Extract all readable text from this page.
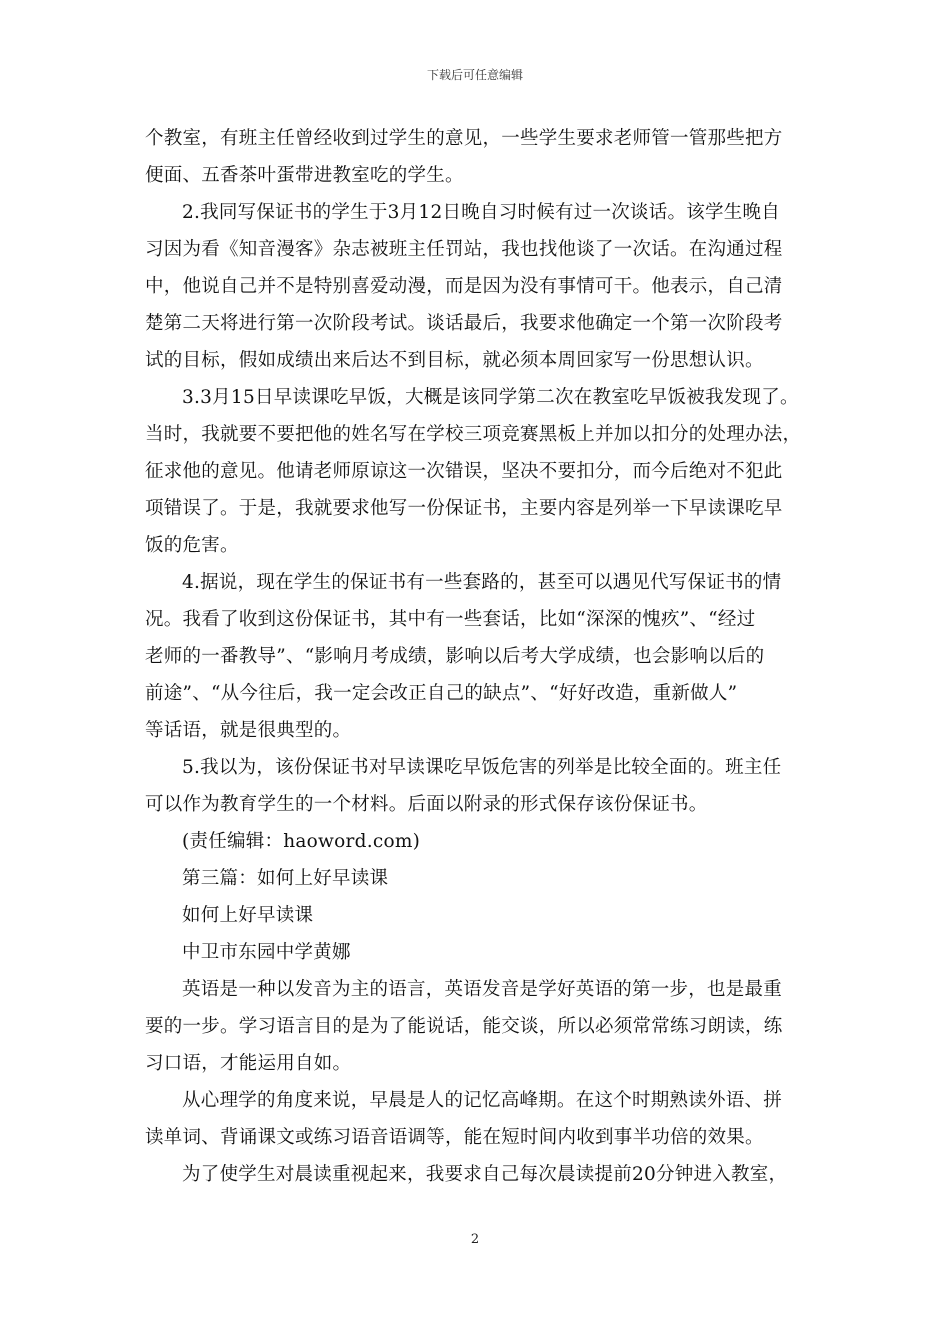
下载后可任意编辑
个教室，有班主任曾经收到过学生的意见，一些学生要求老师管一管那些把方
便面、五香茶叶蛋带进教室吃的学生。
2.我同写保证书的学生于3月12日晚自习时候有过一次谈话。该学生晚自
习因为看《知音漫客》杂志被班主任罚站，我也找他谈了一次话。在沟通过程
中，他说自己并不是特别喜爱动漫，而是因为没有事情可干。他表示，自己清
楚第二天将进行第一次阶段考试。谈话最后，我要求他确定一个第一次阶段考
试的目标，假如成绩出来后达不到目标，就必须本周回家写一份思想认识。
3.3月15日早读课吃早饭，大概是该同学第二次在教室吃早饭被我发现了。
当时，我就要不要把他的姓名写在学校三项竞赛黑板上并加以扣分的处理办法，
征求他的意见。他请老师原谅这一次错误，坚决不要扣分，而今后绝对不犯此
项错误了。于是，我就要求他写一份保证书，主要内容是列举一下早读课吃早
饭的危害。
4.据说，现在学生的保证书有一些套路的，甚至可以遇见代写保证书的情
况。我看了收到这份保证书，其中有一些套话，比如“深深的愧疚”、“经过
老师的一番教导”、“影响月考成绩，影响以后考大学成绩，也会影响以后的
前途”、“从今往后，我一定会改正自己的缺点”、“好好改造，重新做人”
等话语，就是很典型的。
5.我以为，该份保证书对早读课吃早饭危害的列举是比较全面的。班主任
可以作为教育学生的一个材料。后面以附录的形式保存该份保证书。
(责任编辑：haoword.com)
第三篇：如何上好早读课
如何上好早读课
中卫市东园中学黄娜
英语是一种以发音为主的语言，英语发音是学好英语的第一步，也是最重
要的一步。学习语言目的是为了能说话，能交谈，所以必须常常练习朗读，练
习口语，才能运用自如。
从心理学的角度来说，早晨是人的记忆高峰期。在这个时期熟读外语、拼
读单词、背诵课文或练习语音语调等，能在短时间内收到事半功倍的效果。
为了使学生对晨读重视起来，我要求自己每次晨读提前20分钟进入教室，
2
